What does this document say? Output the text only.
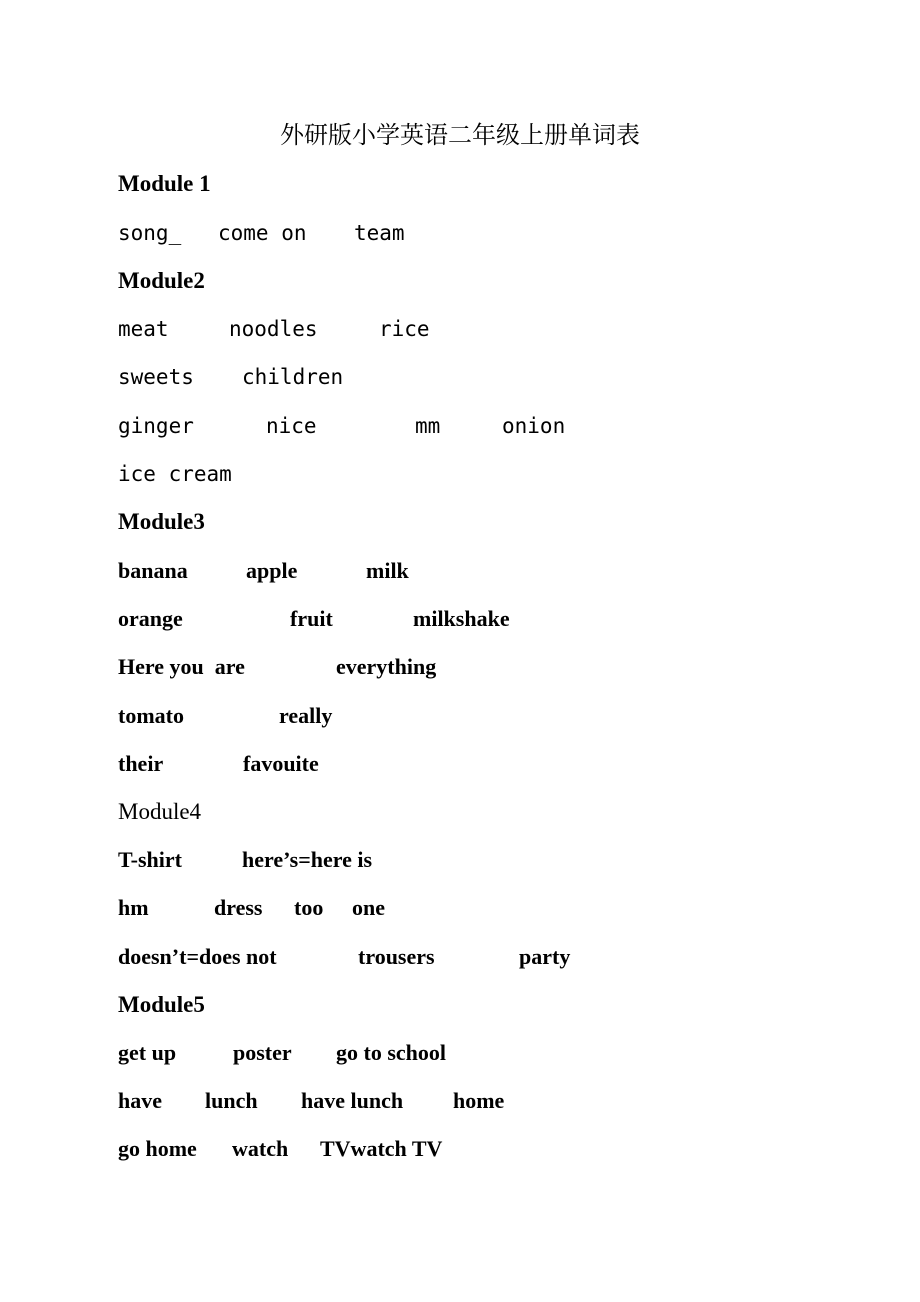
外研版小学英语二年级上册单词表
Module 1
song_ come on team
Module2
meat	noodles	rice
sweets children
ginger	nice	mm	onion
ice cream
Module3
banana	apple	milk
orange	fruit	milkshake
Here you  are	everything
tomato	really
their	favouite
Module4
T-shirt	here’s=here is
hm	dress too one
doesn’t=does not	trousers	party
Module5
get up	poster go to school
have lunch have lunch home
go home watch TVwatch TV
